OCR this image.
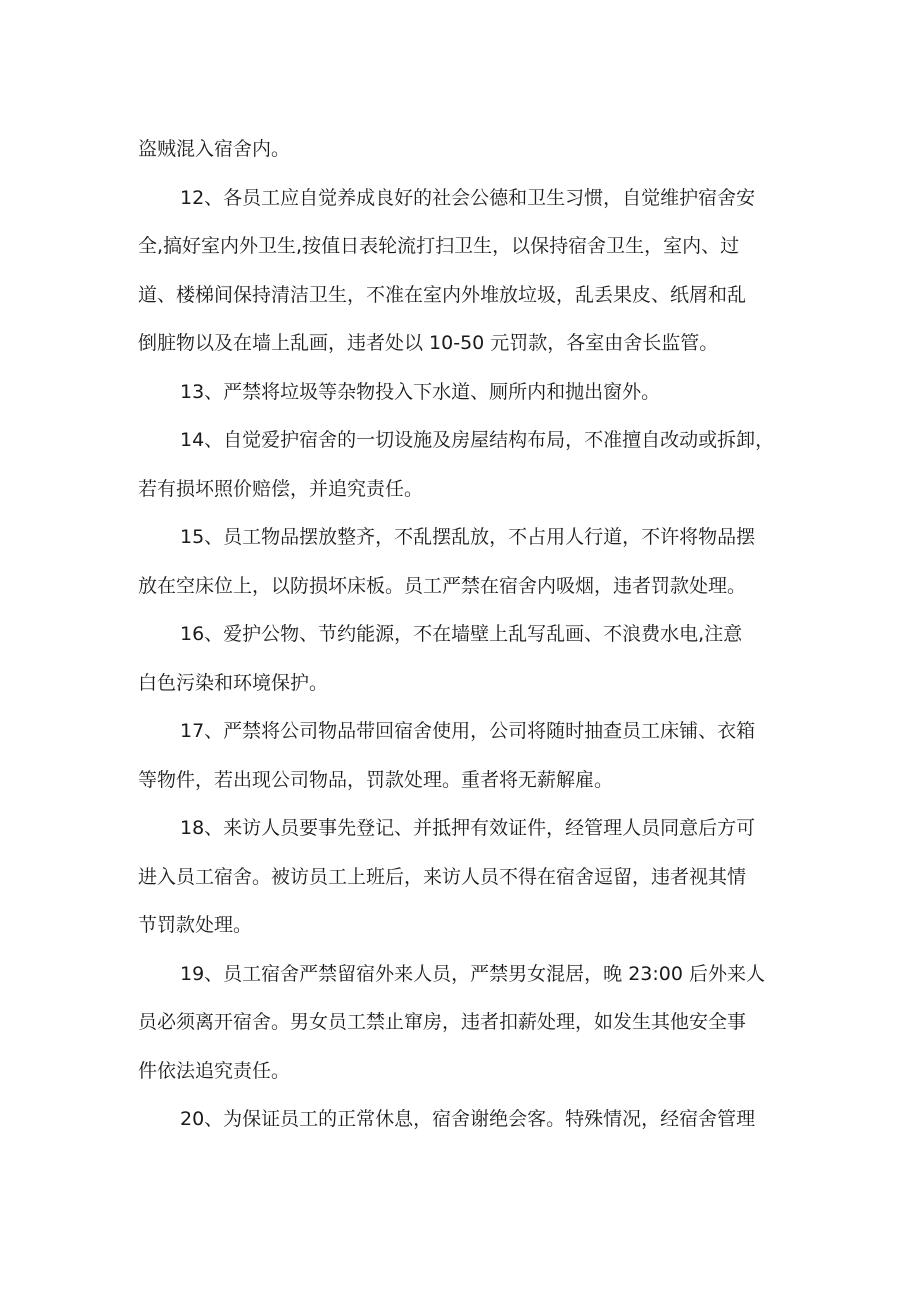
盗贼混入宿舍内。

12、各员工应自觉养成良好的社会公德和卫生习惯，自觉维护宿舍安
全,搞好室内外卫生,按值日表轮流打扫卫生，以保持宿舍卫生，室内、过
道、楼梯间保持清洁卫生，不准在室内外堆放垃圾，乱丢果皮、纸屑和乱
倒脏物以及在墙上乱画，违者处以 10-50 元罚款，各室由舍长监管。

13、严禁将垃圾等杂物投入下水道、厕所内和抛出窗外。

14、自觉爱护宿舍的一切设施及房屋结构布局，不准擅自改动或拆卸，
若有损坏照价赔偿，并追究责任。

15、员工物品摆放整齐，不乱摆乱放，不占用人行道，不许将物品摆
放在空床位上，以防损坏床板。员工严禁在宿舍内吸烟，违者罚款处理。

16、爱护公物、节约能源，不在墙壁上乱写乱画、不浪费水电,注意
白色污染和环境保护。

17、严禁将公司物品带回宿舍使用，公司将随时抽查员工床铺、衣箱
等物件，若出现公司物品，罚款处理。重者将无薪解雇。

18、来访人员要事先登记、并抵押有效证件，经管理人员同意后方可
进入员工宿舍。被访员工上班后，来访人员不得在宿舍逗留，违者视其情
节罚款处理。

19、员工宿舍严禁留宿外来人员，严禁男女混居，晚 23:00 后外来人
员必须离开宿舍。男女员工禁止窜房，违者扣薪处理，如发生其他安全事
件依法追究责任。

20、为保证员工的正常休息，宿舍谢绝会客。特殊情况，经宿舍管理
